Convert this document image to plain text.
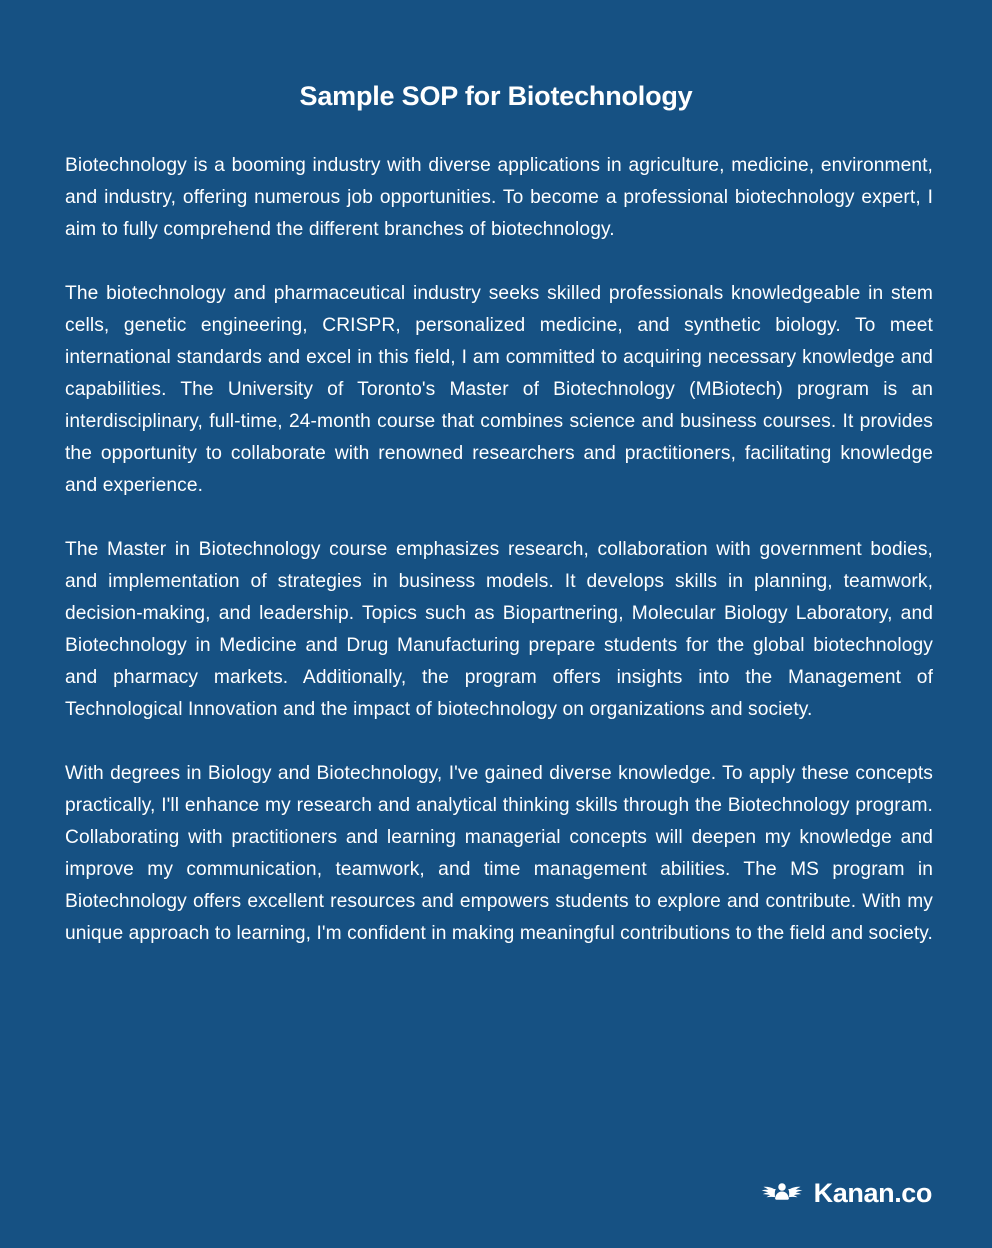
Sample SOP for Biotechnology

Biotechnology is a booming industry with diverse applications in agriculture, medicine, environment, and industry, offering numerous job opportunities. To become a professional biotechnology expert, I aim to fully comprehend the different branches of biotechnology.

The biotechnology and pharmaceutical industry seeks skilled professionals knowledgeable in stem cells, genetic engineering, CRISPR, personalized medicine, and synthetic biology. To meet international standards and excel in this field, I am committed to acquiring necessary knowledge and capabilities. The University of Toronto's Master of Biotechnology (MBiotech) program is an interdisciplinary, full-time, 24-month course that combines science and business courses. It provides the opportunity to collaborate with renowned researchers and practitioners, facilitating knowledge and experience.

The Master in Biotechnology course emphasizes research, collaboration with government bodies, and implementation of strategies in business models. It develops skills in planning, teamwork, decision-making, and leadership. Topics such as Biopartnering, Molecular Biology Laboratory, and Biotechnology in Medicine and Drug Manufacturing prepare students for the global biotechnology and pharmacy markets. Additionally, the program offers insights into the Management of Technological Innovation and the impact of biotechnology on organizations and society.

With degrees in Biology and Biotechnology, I've gained diverse knowledge. To apply these concepts practically, I'll enhance my research and analytical thinking skills through the Biotechnology program. Collaborating with practitioners and learning managerial concepts will deepen my knowledge and improve my communication, teamwork, and time management abilities. The MS program in Biotechnology offers excellent resources and empowers students to explore and contribute. With my unique approach to learning, I'm confident in making meaningful contributions to the field and society.

Kanan.co
